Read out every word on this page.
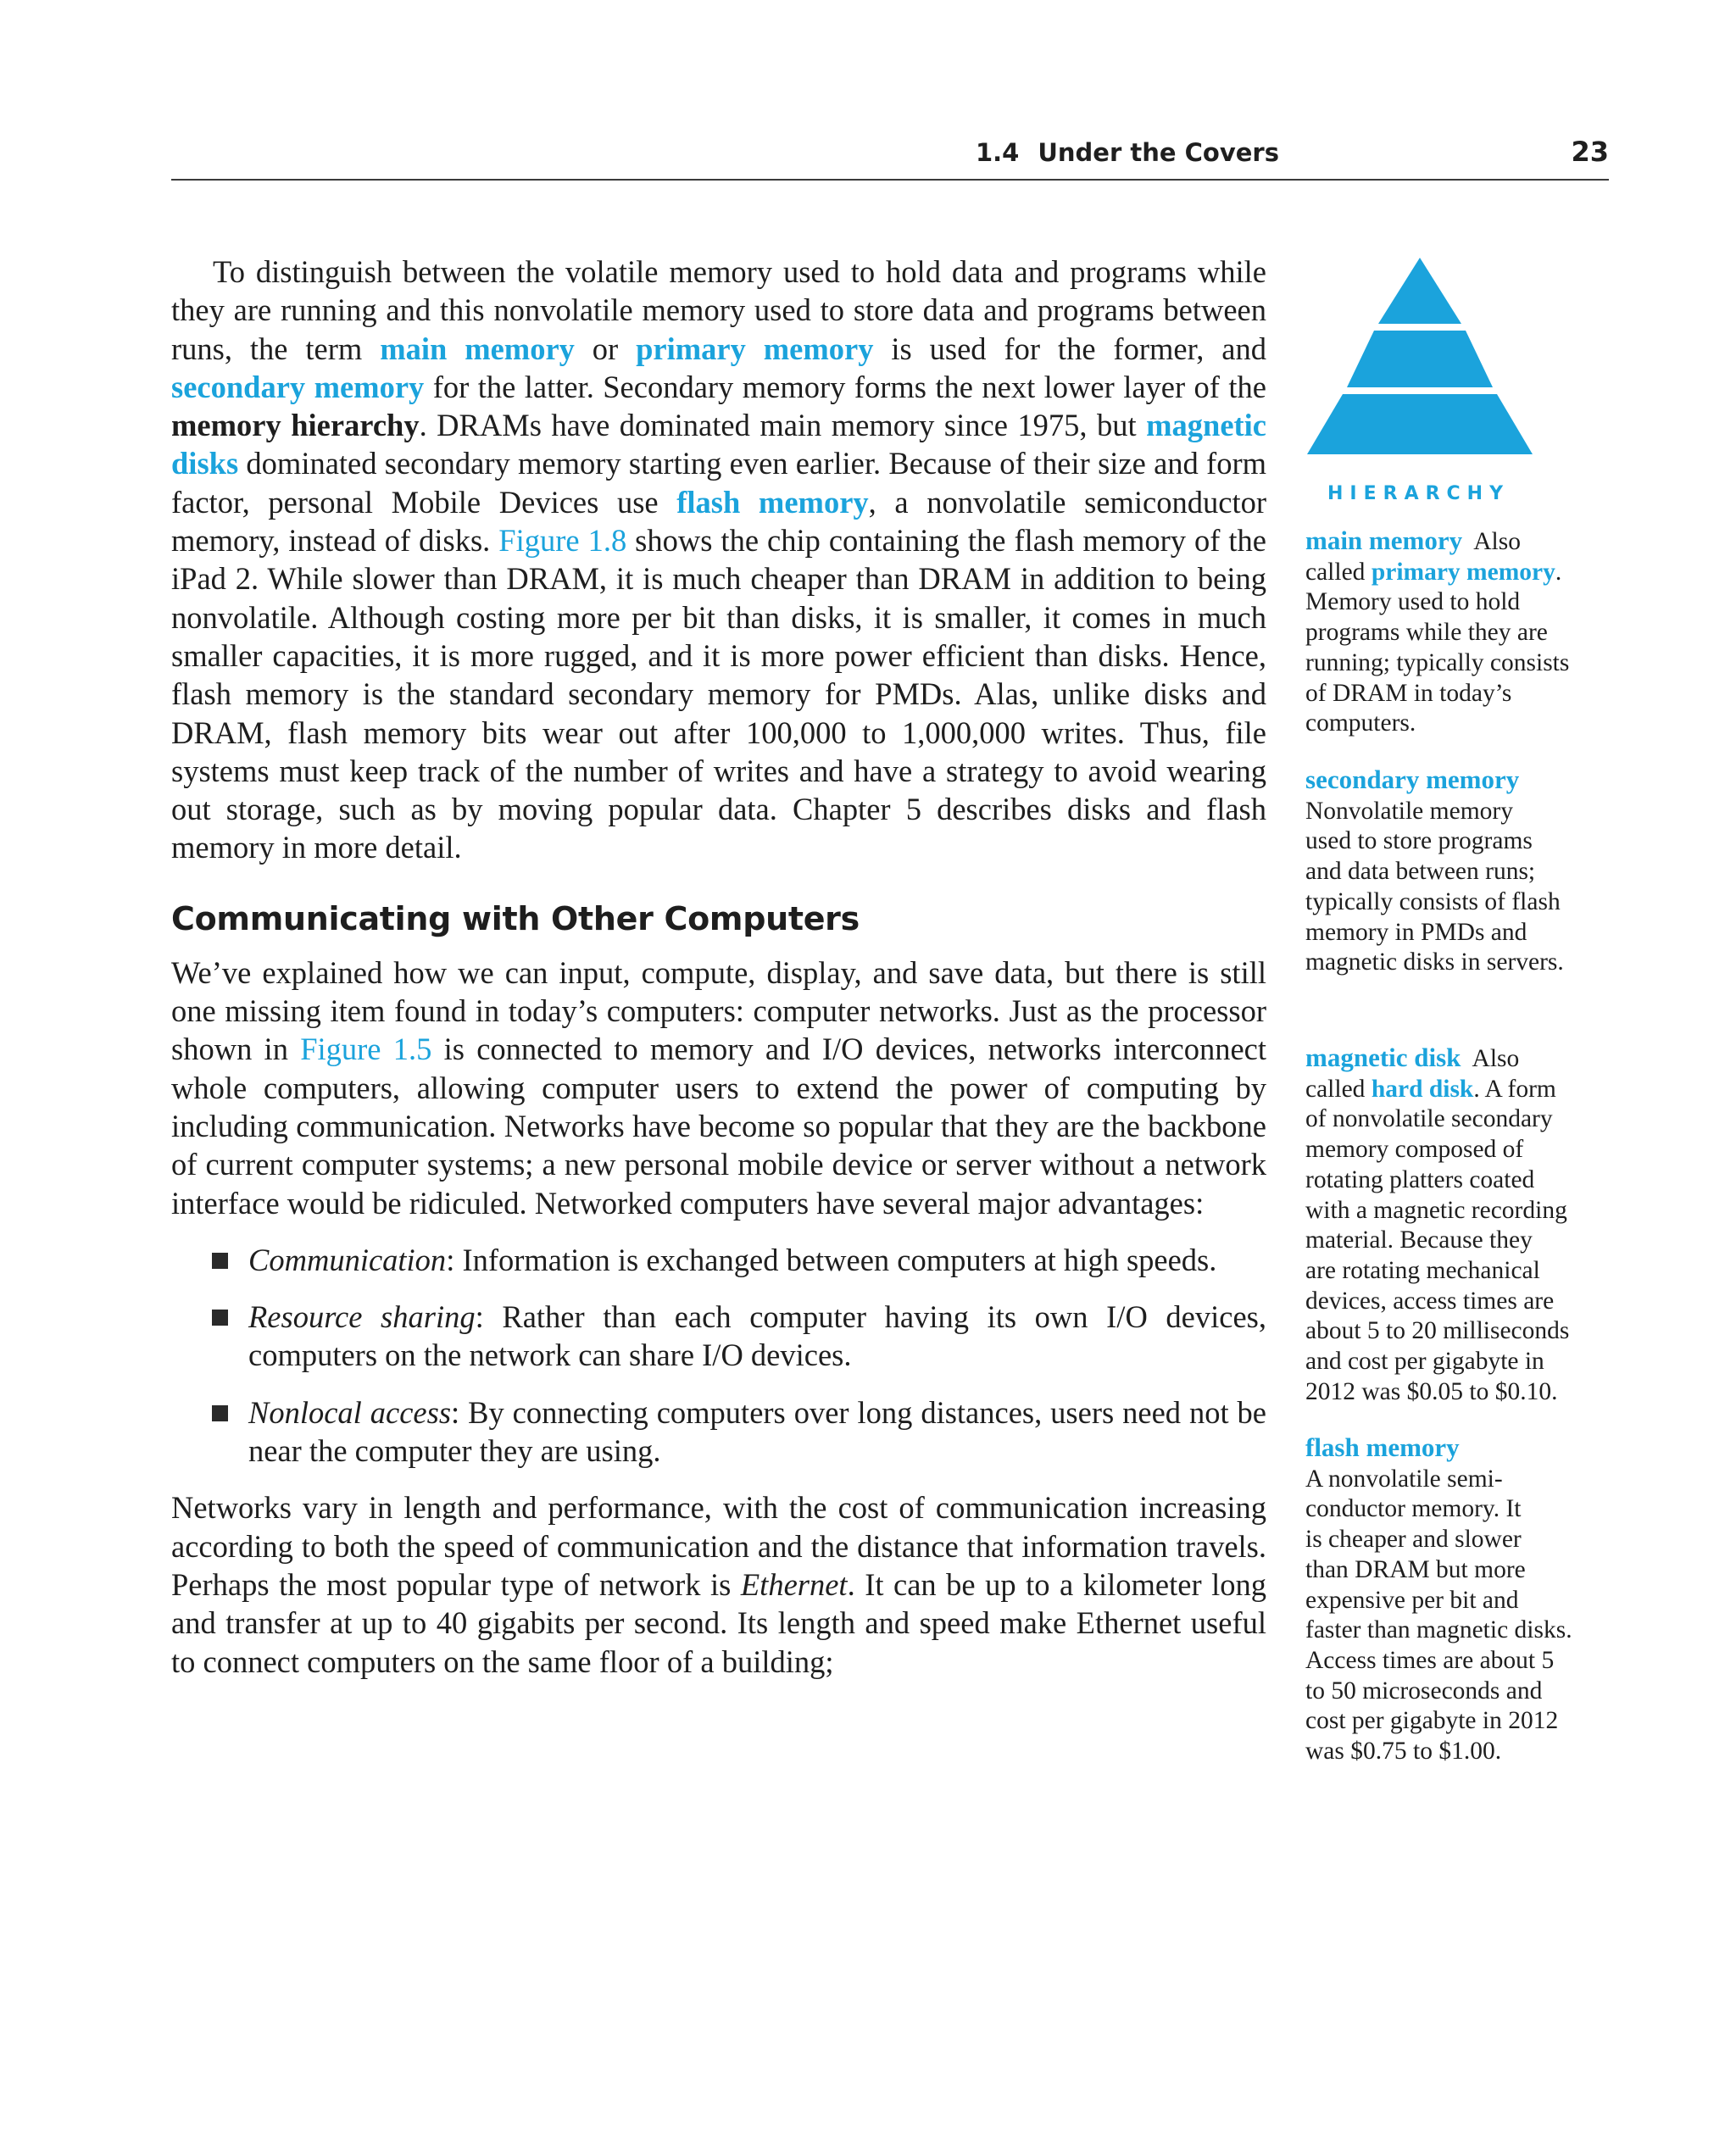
1.4 Under the Covers	23

To distinguish between the volatile memory used to hold data and programs while they are running and this nonvolatile memory used to store data and programs between runs, the term main memory or primary memory is used for the former, and secondary memory for the latter. Secondary memory forms the next lower layer of the memory hierarchy. DRAMs have dominated main memory since 1975, but magnetic disks dominated secondary memory starting even earlier. Because of their size and form factor, personal Mobile Devices use flash memory, a nonvolatile semiconductor memory, instead of disks. Figure 1.8 shows the chip containing the flash memory of the iPad 2. While slower than DRAM, it is much cheaper than DRAM in addition to being nonvolatile. Although costing more per bit than disks, it is smaller, it comes in much smaller capacities, it is more rugged, and it is more power efficient than disks. Hence, flash memory is the standard secondary memory for PMDs. Alas, unlike disks and DRAM, flash memory bits wear out after 100,000 to 1,000,000 writes. Thus, file systems must keep track of the number of writes and have a strategy to avoid wearing out storage, such as by moving popular data. Chapter 5 describes disks and flash memory in more detail.

Communicating with Other Computers

We’ve explained how we can input, compute, display, and save data, but there is still one missing item found in today’s computers: computer networks. Just as the processor shown in Figure 1.5 is connected to memory and I/O devices, networks interconnect whole computers, allowing computer users to extend the power of computing by including communication. Networks have become so popular that they are the backbone of current computer systems; a new personal mobile device or server without a network interface would be ridiculed. Networked computers have several major advantages:

Communication: Information is exchanged between computers at high speeds.
Resource sharing: Rather than each computer having its own I/O devices, computers on the network can share I/O devices.
Nonlocal access: By connecting computers over long distances, users need not be near the computer they are using.

Networks vary in length and performance, with the cost of communication increasing according to both the speed of communication and the distance that information travels. Perhaps the most popular type of network is Ethernet. It can be up to a kilometer long and transfer at up to 40 gigabits per second. Its length and speed make Ethernet useful to connect computers on the same floor of a building;

HIERARCHY
main memory  Also
called primary memory.
Memory used to hold
programs while they are
running; typically consists
of DRAM in today’s
computers.
secondary memory
Nonvolatile memory
used to store programs
and data between runs;
typically consists of flash
memory in PMDs and
magnetic disks in servers.
magnetic disk  Also
called hard disk. A form
of nonvolatile secondary
memory composed of
rotating platters coated
with a magnetic recording
material. Because they
are rotating mechanical
devices, access times are
about 5 to 20 milliseconds
and cost per gigabyte in
2012 was $0.05 to $0.10.
flash memory
A nonvolatile semi-
conductor memory. It
is cheaper and slower
than DRAM but more
expensive per bit and
faster than magnetic disks.
Access times are about 5
to 50 microseconds and
cost per gigabyte in 2012
was $0.75 to $1.00.
